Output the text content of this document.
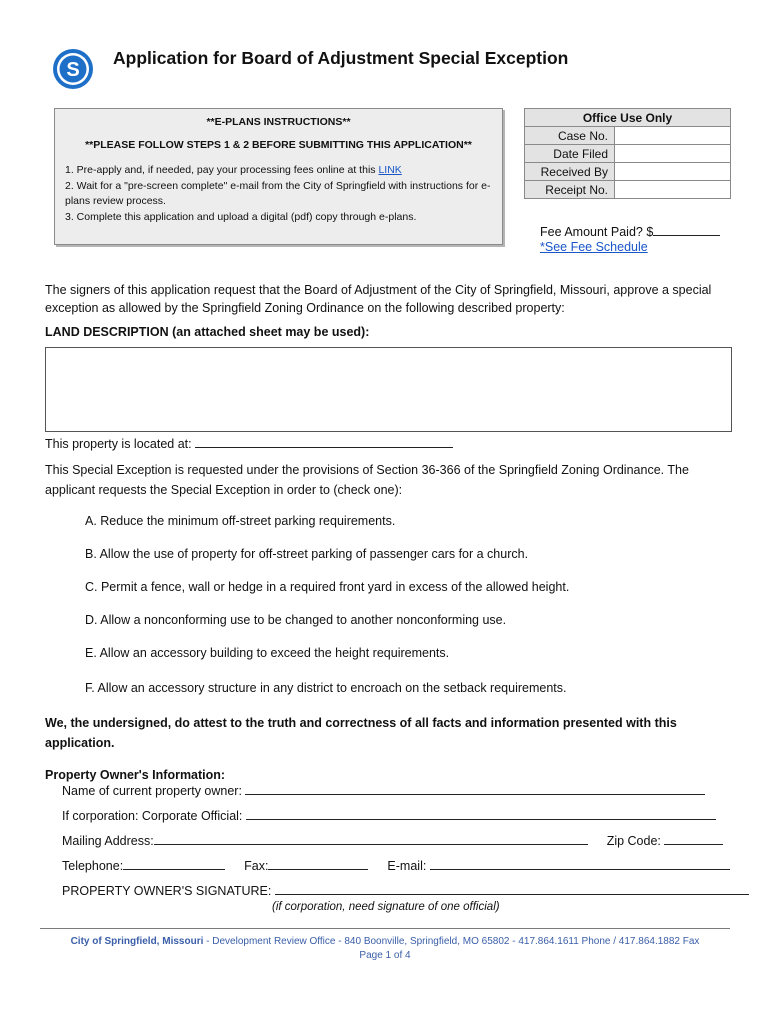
S
Application for Board of Adjustment Special Exception
**E-PLANS INSTRUCTIONS**
**PLEASE FOLLOW STEPS 1 & 2 BEFORE SUBMITTING THIS APPLICATION**
1. Pre-apply and, if needed, pay your processing fees online at this LINK
2. Wait for a "pre-screen complete" e-mail from the City of Springfield with instructions for e-plans review process.
3. Complete this application and upload a digital (pdf) copy through e-plans.
Office Use Only	
Case No.	
Date Filed	
Received By	
Receipt No.	
Fee Amount Paid? $
*See Fee Schedule
The signers of this application request that the Board of Adjustment of the City of Springfield, Missouri, approve a special exception as allowed by the Springfield Zoning Ordinance on the following described property:
LAND DESCRIPTION (an attached sheet may be used):
This property is located at:
This Special Exception is requested under the provisions of Section 36-366 of the Springfield Zoning Ordinance. The applicant requests the Special Exception in order to (check one):
A. Reduce the minimum off-street parking requirements.
B. Allow the use of property for off-street parking of passenger cars for a church.
C. Permit a fence, wall or hedge in a required front yard in excess of the allowed height.
D. Allow a nonconforming use to be changed to another nonconforming use.
E. Allow an accessory building to exceed the height requirements.
F. Allow an accessory structure in any district to encroach on the setback requirements.
We, the undersigned, do attest to the truth and correctness of all facts and information presented with this application.
Property Owner's Information:
Name of current property owner:
If corporation: Corporate Official:
Mailing Address:	Zip Code:
Telephone:	Fax:	E-mail:
PROPERTY OWNER'S SIGNATURE:
(if corporation, need signature of one official)
City of Springfield, Missouri - Development Review Office - 840 Boonville, Springfield, MO 65802 - 417.864.1611 Phone / 417.864.1882 Fax
Page 1 of 4
